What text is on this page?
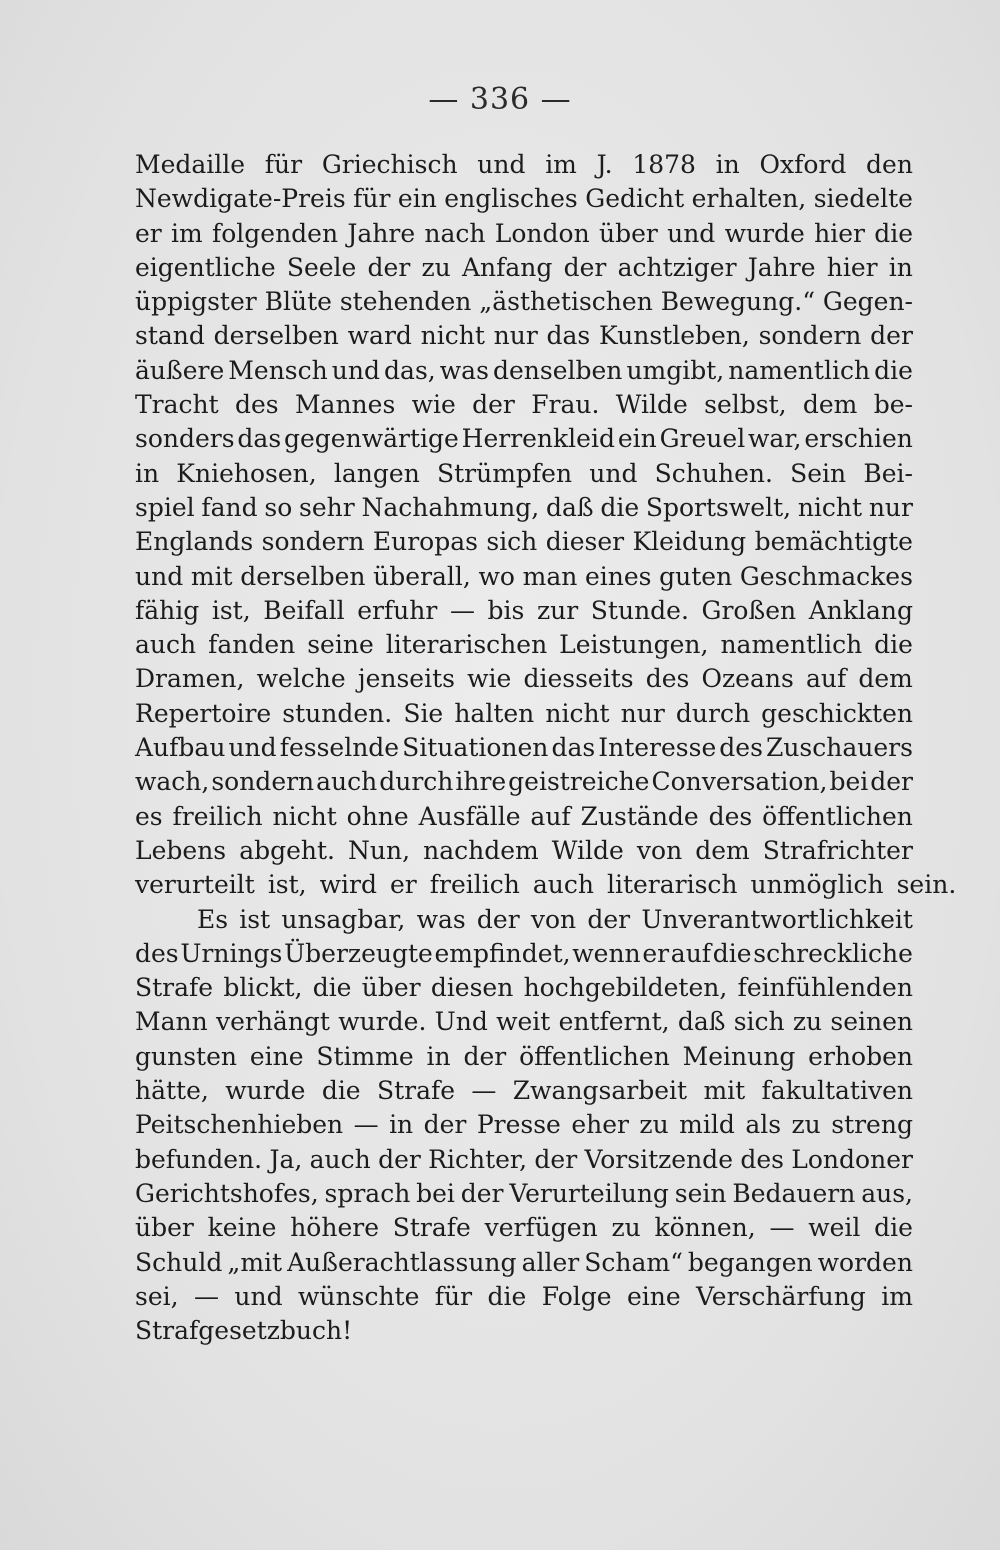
— 336 —
Medaille für Griechisch und im J. 1878 in Oxford den
Newdigate-Preis für ein englisches Gedicht erhalten, siedelte
er im folgenden Jahre nach London über und wurde hier die
eigentliche Seele der zu Anfang der achtziger Jahre hier in
üppigster Blüte stehenden „ästhetischen Bewegung.“ Gegen-
stand derselben ward nicht nur das Kunstleben, sondern der
äußere Mensch und das, was denselben umgibt, namentlich die
Tracht des Mannes wie der Frau. Wilde selbst, dem be-
sonders das gegenwärtige Herrenkleid ein Greuel war, erschien
in Kniehosen, langen Strümpfen und Schuhen. Sein Bei-
spiel fand so sehr Nachahmung, daß die Sportswelt, nicht nur
Englands sondern Europas sich dieser Kleidung bemächtigte
und mit derselben überall, wo man eines guten Geschmackes
fähig ist, Beifall erfuhr — bis zur Stunde. Großen Anklang
auch fanden seine literarischen Leistungen, namentlich die
Dramen, welche jenseits wie diesseits des Ozeans auf dem
Repertoire stunden. Sie halten nicht nur durch geschickten
Aufbau und fesselnde Situationen das Interesse des Zuschauers
wach, sondern auch durch ihre geistreiche Conversation, bei der
es freilich nicht ohne Ausfälle auf Zustände des öffentlichen
Lebens abgeht. Nun, nachdem Wilde von dem Strafrichter
verurteilt ist, wird er freilich auch literarisch unmöglich sein.
Es ist unsagbar, was der von der Unverantwortlichkeit
des Urnings Überzeugte empfindet, wenn er auf die schreckliche
Strafe blickt, die über diesen hochgebildeten, feinfühlenden
Mann verhängt wurde. Und weit entfernt, daß sich zu seinen
gunsten eine Stimme in der öffentlichen Meinung erhoben
hätte, wurde die Strafe — Zwangsarbeit mit fakultativen
Peitschenhieben — in der Presse eher zu mild als zu streng
befunden. Ja, auch der Richter, der Vorsitzende des Londoner
Gerichtshofes, sprach bei der Verurteilung sein Bedauern aus,
über keine höhere Strafe verfügen zu können, — weil die
Schuld „mit Außerachtlassung aller Scham“ begangen worden
sei, — und wünschte für die Folge eine Verschärfung im
Strafgesetzbuch!
